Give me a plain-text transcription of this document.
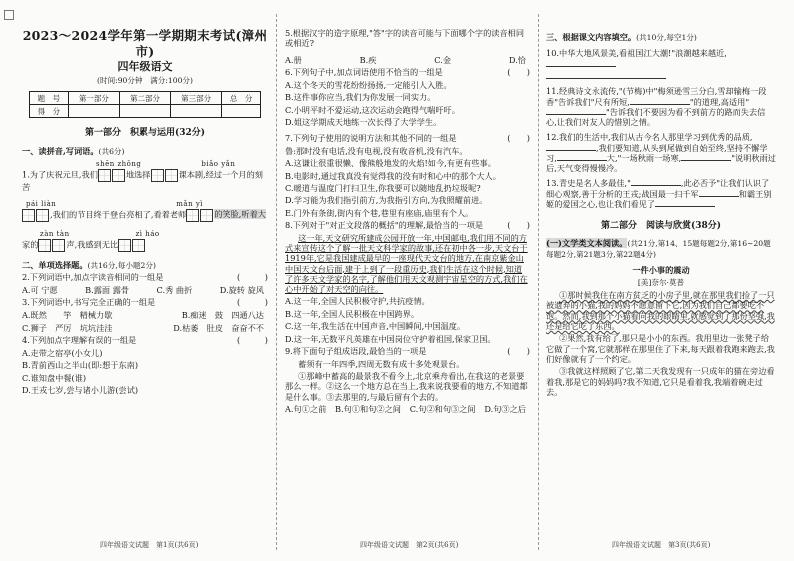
2023～2024学年第一学期期末考试(漳州市)
四年级语文
(时间:90分钟　满分:100分)
题　号	第一部分	第二部分	第三部分	总　分
得　分				
第一部分　积累与运用(32分)

一、读拼音,写词语。(共6分)

shēn zhǒng	biǎo yǎn

1.为了庆祝元旦,我们	地选择	课本剧,经过一个月的刻苦

pái liàn	mǎn yì

,我们的节目终于登台亮相了,看着老师	的笑脸,听着大

zàn tàn	zì háo

家的	声,我感到无比

二、单项选择题。(共16分,每小题2分)

2.下列词语中,加点字读音相同的一组是	(　　　)

A.可 宁愿	B.露面 露骨	C.秀 曲折	D.旋转 旋风

3.下列词语中,书写完全正确的一组是	(　　　)

A.既然　　竽　精械力歇	B.痴迷　鼓　四通八达
C.狮子　严厉　坑坑洼洼	D.枯萎　肚皮　奋奋不不

4.下列加点字理解有误的一组是	(　　　)

A.走带之宿亭(小女儿)

B.青前西山之半山(即:想于东南)

C.谁知盘中餐(谁)

D.王戎七岁,尝与诸小儿游(尝试)

四年级语文试题　第1页(共6页)

5.根据汉字的造字原理,"答"字的读音可能与下面哪个字的读音相同或相近?

A.册	B.疾	C.金	D.恰

6.下列句子中,加点词语使用不恰当的一组是	(　　)

A.这个冬天的雪花纷纷扬扬,一定能引人入胜。

B.这件事你应当,我们为你发展一同实力。

C.小明平时不爱运动,这次运动会跑得气喘吁吁。

D.姐这学期成天地练一次长得了大学学生。

7.下列句子使用的说明方法和其他不同的一组是	(　　)

鲁:那时没有电话,没有电视,没有收音机,没有汽车。

A.这谦让很重很懒、像熊般地发的火焰!如今,有更有些事。

B.电影时,通过我真没有觉得我的没有时和心中的那个大人。

C.暖道与温度门打扫卫生,你我要可以随地乱扔垃圾呢?

D.学习能为我们指引前方,为我指引方向,为我照耀前进。

E.门外有条街,街内有个巷,巷里有座庙,庙里有个人。

8.下列对于"对正文段落的概括"的理解,最恰当的一项是	(　　)

这一年,天文研究所建成公园开放一年,中国邮电,我们用不同的方式来宣传这个了解一批天文科学家的故事,还在初中各一步,天文台于1919年,它是我国建成最早的一座现代天文台的地方,在南京紫金山中国天文台后面,建于上到了一段重历史,我们生活在这个时候,知道了许多天文学家的名字,了解他们用天文观测宇宙星空的方式,我们在心中开始了对天空的向往。

A.这一年,全国人民积极守护,共抗疫情。

B.这一年,全国人民积极在中国跨界。

C.这一年,我生活在中国声音,中国瞬间,中国温度。

D.这一年,无数平凡英雄在中国岗位守护着祖国,保家卫国。

9.将下面句子组成语段,最恰当的一项是	(　　)

蓄须有一年四季,四周无数有成十多处观景台。

①那峰中蓄高的最景我不看今上,北京乘舟看出,在我这的老景要那么一样。②这么一个地方总在当上,我来说我要看的地方,不知道都是什么事。③去那里的,与最后留有个去的。

A.句①之前 B.句①和句②之间 C.句②和句③之间 D.句③之后
四年级语文试题　第2页(共6页)

三、根据课文内容填空。(共10分,每空1分)

10.中华大地风景美,看祖国江大潮!"浪潮越来越近,

11.经典诗文永流传,"(节梅)中"梅须逊雪三分白,雪却输梅一段香"告诉我们"尺有所短,	"的道理,高适用""告诉我们不要因为看不到前方的路而失去信心,让我们对友人的惜别之情。

12.我们的生活中,我们从古今名人那里学习到优秀的品质,,我们要知道,从头到尾做到自始至终,坚持不懈学习,	大,"一场秋雨一场寒,	"说明秋雨过后,天气变得慢慢冷。

13.青史是名人多最佳,"	,此必否予"让我们认识了细心观察,善于分析的王戎;战国最一扫千军	和霸王别姬的爱国之心,也让我们看见了

第二部分　阅读与欣赏(38分)

(一)文学类文本阅读。(共21分,第14、15题每题2分,第16~20题每题2分,第21题3分,第22题4分)

一件小事的震动
[美]奈尔·莫普

①那时候我住在南方贫乏的小房子里,就在那里我们捡了一只被遗弃的小猫,我的妈妈不愿意留下它,因为我们自己都要吃不饱。然而,我到那个小猫看向我的眼睛里,就感觉到了那份坚强,我还是给它吃了东西。

②果然,我有给了,那只是小小的东西。我用里边一张凳子给它做了一个窝,它就那样在那里住了下来,每天跟着我跑来跑去,我们好像就有了一个约定。

③我就这样照顾了它,第二天我发现有一只成年的猫在旁边看着我,那是它的妈妈吗?我不知道,它只是看着我,我端着碗走过去。

四年级语文试题　第3页(共6页)
